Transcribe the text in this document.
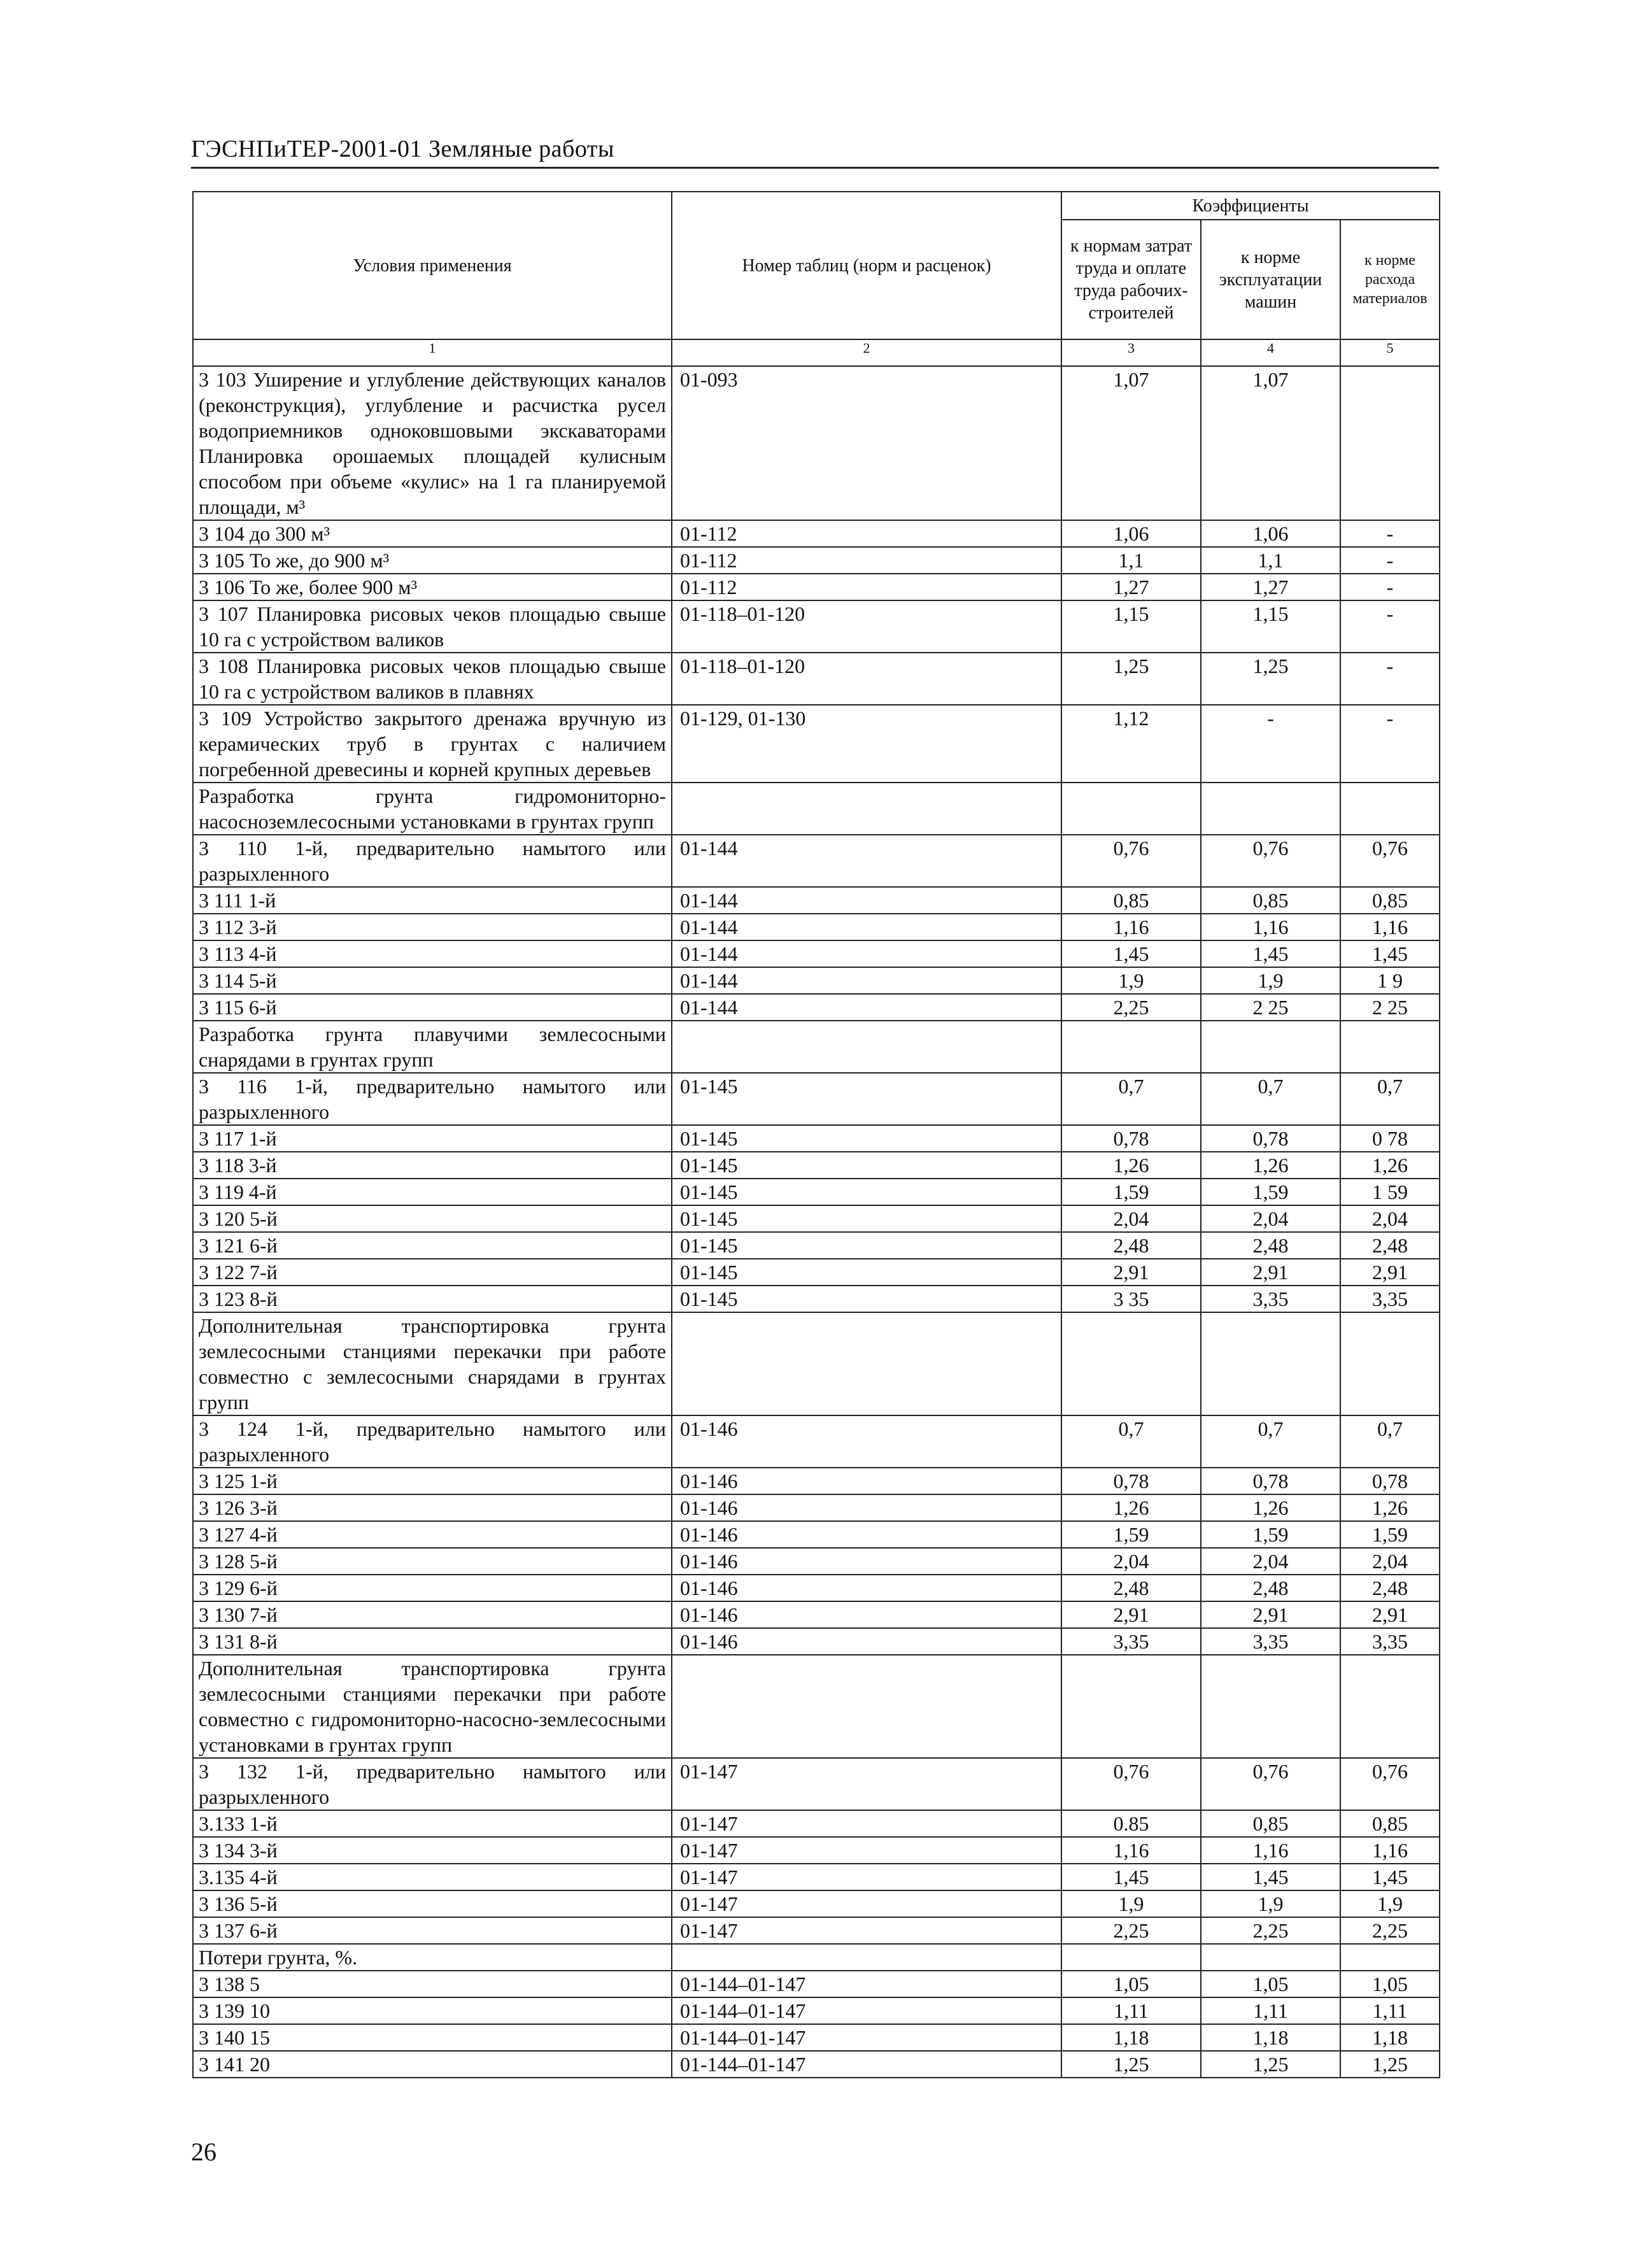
ГЭСНПиТЕР-2001-01 Земляные работы
Условия применения	Номер таблиц (норм и расценок)	Коэффициенты		
		к нормам затрат труда и оплате труда рабочих-строителей	к норме эксплуатации машин	к норме расхода материалов
1	2	3	4	5
3 103 Уширение и углубление действующих каналов (реконструкция), углубление и расчистка русел водоприемников одноковшовыми экскаваторами Планировка орошаемых площадей кулисным способом при объеме «кулис» на 1 га планируемой площади, м³	01-093	1,07	1,07	
3 104 до 300 м³	01-112	1,06	1,06	-
3 105 То же, до 900 м³	01-112	1,1	1,1	-
3 106 То же, более 900 м³	01-112	1,27	1,27	-
3 107 Планировка рисовых чеков площадью свыше 10 га с устройством валиков	01-118–01-120	1,15	1,15	-
3 108 Планировка рисовых чеков площадью свыше 10 га с устройством валиков в плавнях	01-118–01-120	1,25	1,25	-
3 109 Устройство закрытого дренажа вручную из керамических труб в грунтах с наличием погребенной древесины и корней крупных деревьев	01-129, 01-130	1,12	-	-
Разработка грунта гидромониторно-насосноземлесосными установками в грунтах групп				
3 110 1-й, предварительно намытого или разрыхленного	01-144	0,76	0,76	0,76
3 111 1-й	01-144	0,85	0,85	0,85
3 112 3-й	01-144	1,16	1,16	1,16
3 113 4-й	01-144	1,45	1,45	1,45
3 114 5-й	01-144	1,9	1,9	1 9
3 115 6-й	01-144	2,25	2 25	2 25
Разработка грунта плавучими землесосными снарядами в грунтах групп				
3 116 1-й, предварительно намытого или разрыхленного	01-145	0,7	0,7	0,7
3 117 1-й	01-145	0,78	0,78	0 78
3 118 3-й	01-145	1,26	1,26	1,26
3 119 4-й	01-145	1,59	1,59	1 59
3 120 5-й	01-145	2,04	2,04	2,04
3 121 6-й	01-145	2,48	2,48	2,48
3 122 7-й	01-145	2,91	2,91	2,91
3 123 8-й	01-145	3 35	3,35	3,35
Дополнительная транспортировка грунта землесосными станциями перекачки при работе совместно с землесосными снарядами в грунтах групп				
3 124 1-й, предварительно намытого или разрыхленного	01-146	0,7	0,7	0,7
3 125 1-й	01-146	0,78	0,78	0,78
3 126 3-й	01-146	1,26	1,26	1,26
3 127 4-й	01-146	1,59	1,59	1,59
3 128 5-й	01-146	2,04	2,04	2,04
3 129 6-й	01-146	2,48	2,48	2,48
3 130 7-й	01-146	2,91	2,91	2,91
3 131 8-й	01-146	3,35	3,35	3,35
Дополнительная транспортировка грунта землесосными станциями перекачки при работе совместно с гидромониторно-насосно-землесосными установками в грунтах групп				
3 132 1-й, предварительно намытого или разрыхленного	01-147	0,76	0,76	0,76
3.133 1-й	01-147	0.85	0,85	0,85
3 134 3-й	01-147	1,16	1,16	1,16
3.135 4-й	01-147	1,45	1,45	1,45
3 136 5-й	01-147	1,9	1,9	1,9
3 137 6-й	01-147	2,25	2,25	2,25
Потери грунта, %.				
3 138 5	01-144–01-147	1,05	1,05	1,05
3 139 10	01-144–01-147	1,11	1,11	1,11
3 140 15	01-144–01-147	1,18	1,18	1,18
3 141 20	01-144–01-147	1,25	1,25	1,25
26
